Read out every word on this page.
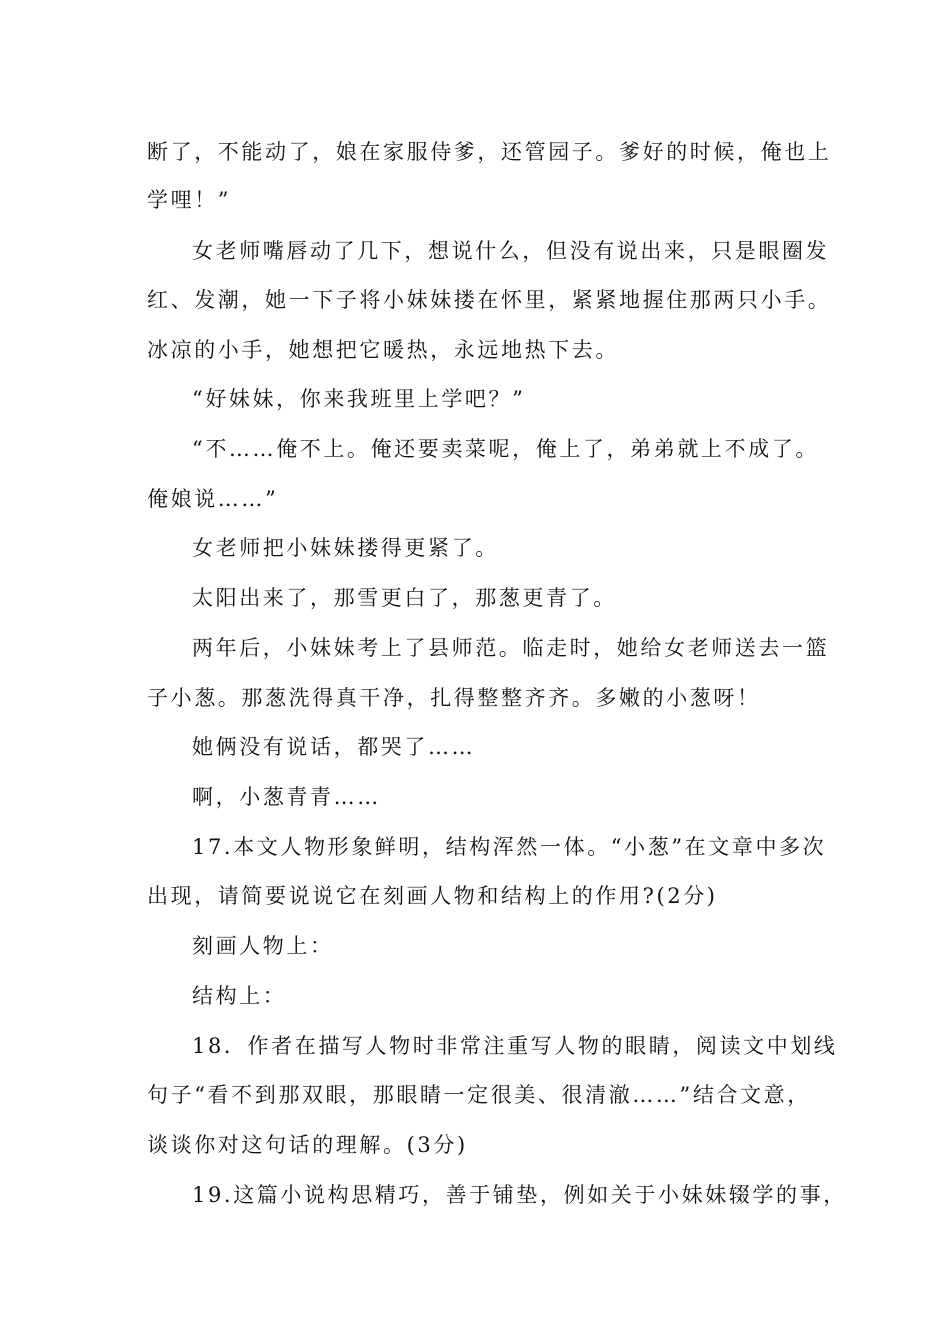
断了，不能动了，娘在家服侍爹，还管园子。爹好的时候，俺也上
学哩！”
女老师嘴唇动了几下，想说什么，但没有说出来，只是眼圈发
红、发潮，她一下子将小妹妹搂在怀里，紧紧地握住那两只小手。
冰凉的小手，她想把它暖热，永远地热下去。
“好妹妹，你来我班里上学吧？”
“不……俺不上。俺还要卖菜呢，俺上了，弟弟就上不成了。
俺娘说……”
女老师把小妹妹搂得更紧了。
太阳出来了，那雪更白了，那葱更青了。
两年后，小妹妹考上了县师范。临走时，她给女老师送去一篮
子小葱。那葱洗得真干净，扎得整整齐齐。多嫩的小葱呀！
她俩没有说话，都哭了……
啊，小葱青青……
17.本文人物形象鲜明，结构浑然一体。“小葱”在文章中多次
出现，请简要说说它在刻画人物和结构上的作用?(2分)
刻画人物上：
结构上：
18．作者在描写人物时非常注重写人物的眼睛，阅读文中划线
句子“看不到那双眼，那眼睛一定很美、很清澈……”结合文意，
谈谈你对这句话的理解。(3分)
19.这篇小说构思精巧，善于铺垫，例如关于小妹妹辍学的事，
